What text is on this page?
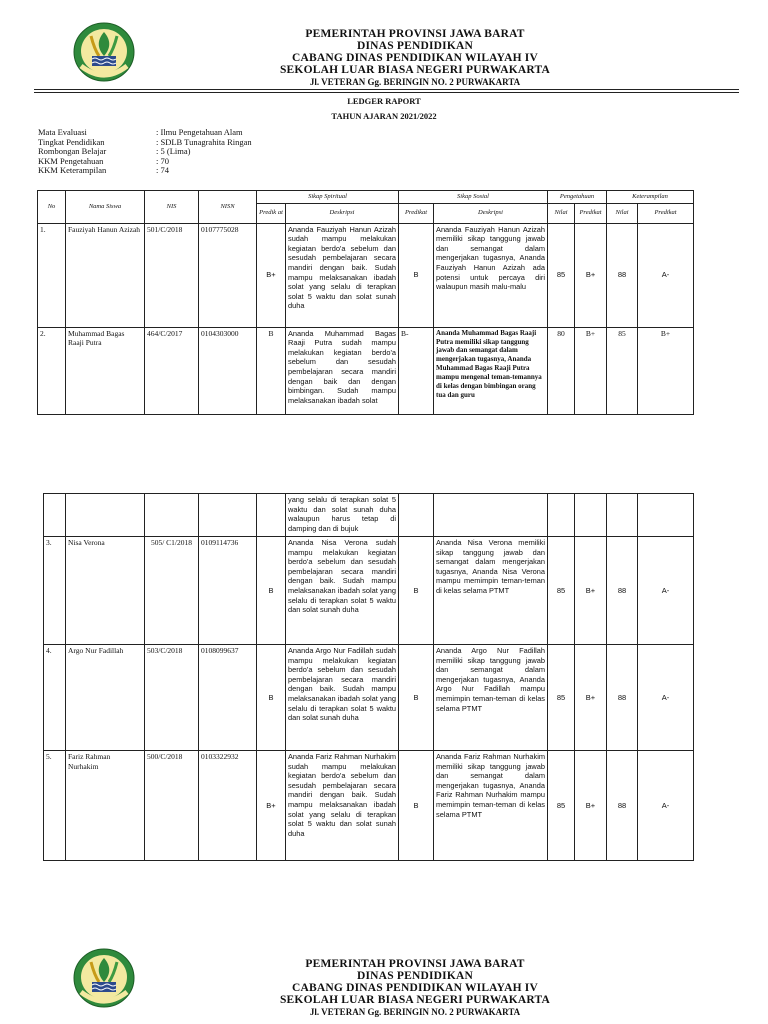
PEMERINTAH PROVINSI JAWA BARAT
DINAS PENDIDIKAN
CABANG DINAS PENDIDIKAN WILAYAH IV
SEKOLAH LUAR BIASA NEGERI PURWAKARTA
Jl. VETERAN Gg. BERINGIN NO. 2 PURWAKARTA
LEDGER RAPORT
TAHUN AJARAN 2021/2022
Mata Evaluasi	: Ilmu Pengetahuan Alam
Tingkat Pendidikan	: SDLB Tunagrahita Ringan
Rombongan Belajar	: 5 (Lima)
KKM Pengetahuan	: 70
KKM Keterampilan	: 74
No	Nama Siswa	NIS	NISN	Sikap Spiritual		Sikap Sosial		Pengetahuan		Keterampilan	
				Predik at	Deskripsi	Predikat	Deskripsi	Nilai	Predikat	Nilai	Predikat
1.	Fauziyah Hanun Azizah	501/C/2018	0107775028	B+	Ananda Fauziyah Hanun Azizah sudah mampu melakukan kegiatan berdo'a sebelum dan sesudah pembelajaran secara mandiri dengan baik. Sudah mampu melaksanakan ibadah solat yang selalu di terapkan solat 5 waktu dan solat sunah duha	B	Ananda Fauziyah Hanun Azizah memiliki sikap tanggung jawab dan semangat dalam mengerjakan tugasnya, Ananda Fauziyah Hanun Azizah ada potensi untuk percaya diri walaupun masih malu-malu	85	B+	88	A-
2.	Muhammad Bagas Raaji Putra	464/C/2017	0104303000	B	Ananda Muhammad Bagas Raaji Putra sudah mampu melakukan kegiatan berdo'a sebelum dan sesudah pembelajaran secara mandiri dengan baik dan dengan bimbingan. Sudah mampu melaksanakan ibadah solat	B-	Ananda Muhammad Bagas Raaji Putra memiliki sikap tanggung jawab dan semangat dalam mengerjakan tugasnya, Ananda Muhammad Bagas Raaji Putra mampu mengenal teman-temannya di kelas dengan bimbingan orang tua dan guru	80	B+	85	B+
					yang selalu di terapkan solat 5 waktu dan solat sunah duha walaupun harus tetap di damping dan di bujuk						
3.	Nisa Verona	505/ C1/2018	0109114736	B	Ananda Nisa Verona sudah mampu melakukan kegiatan berdo'a sebelum dan sesudah pembelajaran secara mandiri dengan baik. Sudah mampu melaksanakan ibadah solat yang selalu di terapkan solat 5 waktu dan solat sunah duha	B	Ananda Nisa Verona memiliki sikap tanggung jawab dan semangat dalam mengerjakan tugasnya, Ananda Nisa Verona mampu memimpin teman-teman di kelas selama PTMT	85	B+	88	A-
4.	Argo Nur Fadillah	503/C/2018	0108099637	B	Ananda Argo Nur Fadillah sudah mampu melakukan kegiatan berdo'a sebelum dan sesudah pembelajaran secara mandiri dengan baik. Sudah mampu melaksanakan ibadah solat yang selalu di terapkan solat 5 waktu dan solat sunah duha	B	Ananda Argo Nur Fadillah memiliki sikap tanggung jawab dan semangat dalam mengerjakan tugasnya, Ananda Argo Nur Fadillah mampu memimpin teman-teman di kelas selama PTMT	85	B+	88	A-
5.	Fariz Rahman Nurhakim	500/C/2018	0103322932	B+	Ananda Fariz Rahman Nurhakim sudah mampu melakukan kegiatan berdo'a sebelum dan sesudah pembelajaran secara mandiri dengan baik. Sudah mampu melaksanakan ibadah solat yang selalu di terapkan solat 5 waktu dan solat sunah duha	B	Ananda Fariz Rahman Nurhakim memiliki sikap tanggung jawab dan semangat dalam mengerjakan tugasnya, Ananda Fariz Rahman Nurhakim mampu memimpin teman-teman di kelas selama PTMT	85	B+	88	A-
PEMERINTAH PROVINSI JAWA BARAT
DINAS PENDIDIKAN
CABANG DINAS PENDIDIKAN WILAYAH IV
SEKOLAH LUAR BIASA NEGERI PURWAKARTA
Jl. VETERAN Gg. BERINGIN NO. 2 PURWAKARTA
